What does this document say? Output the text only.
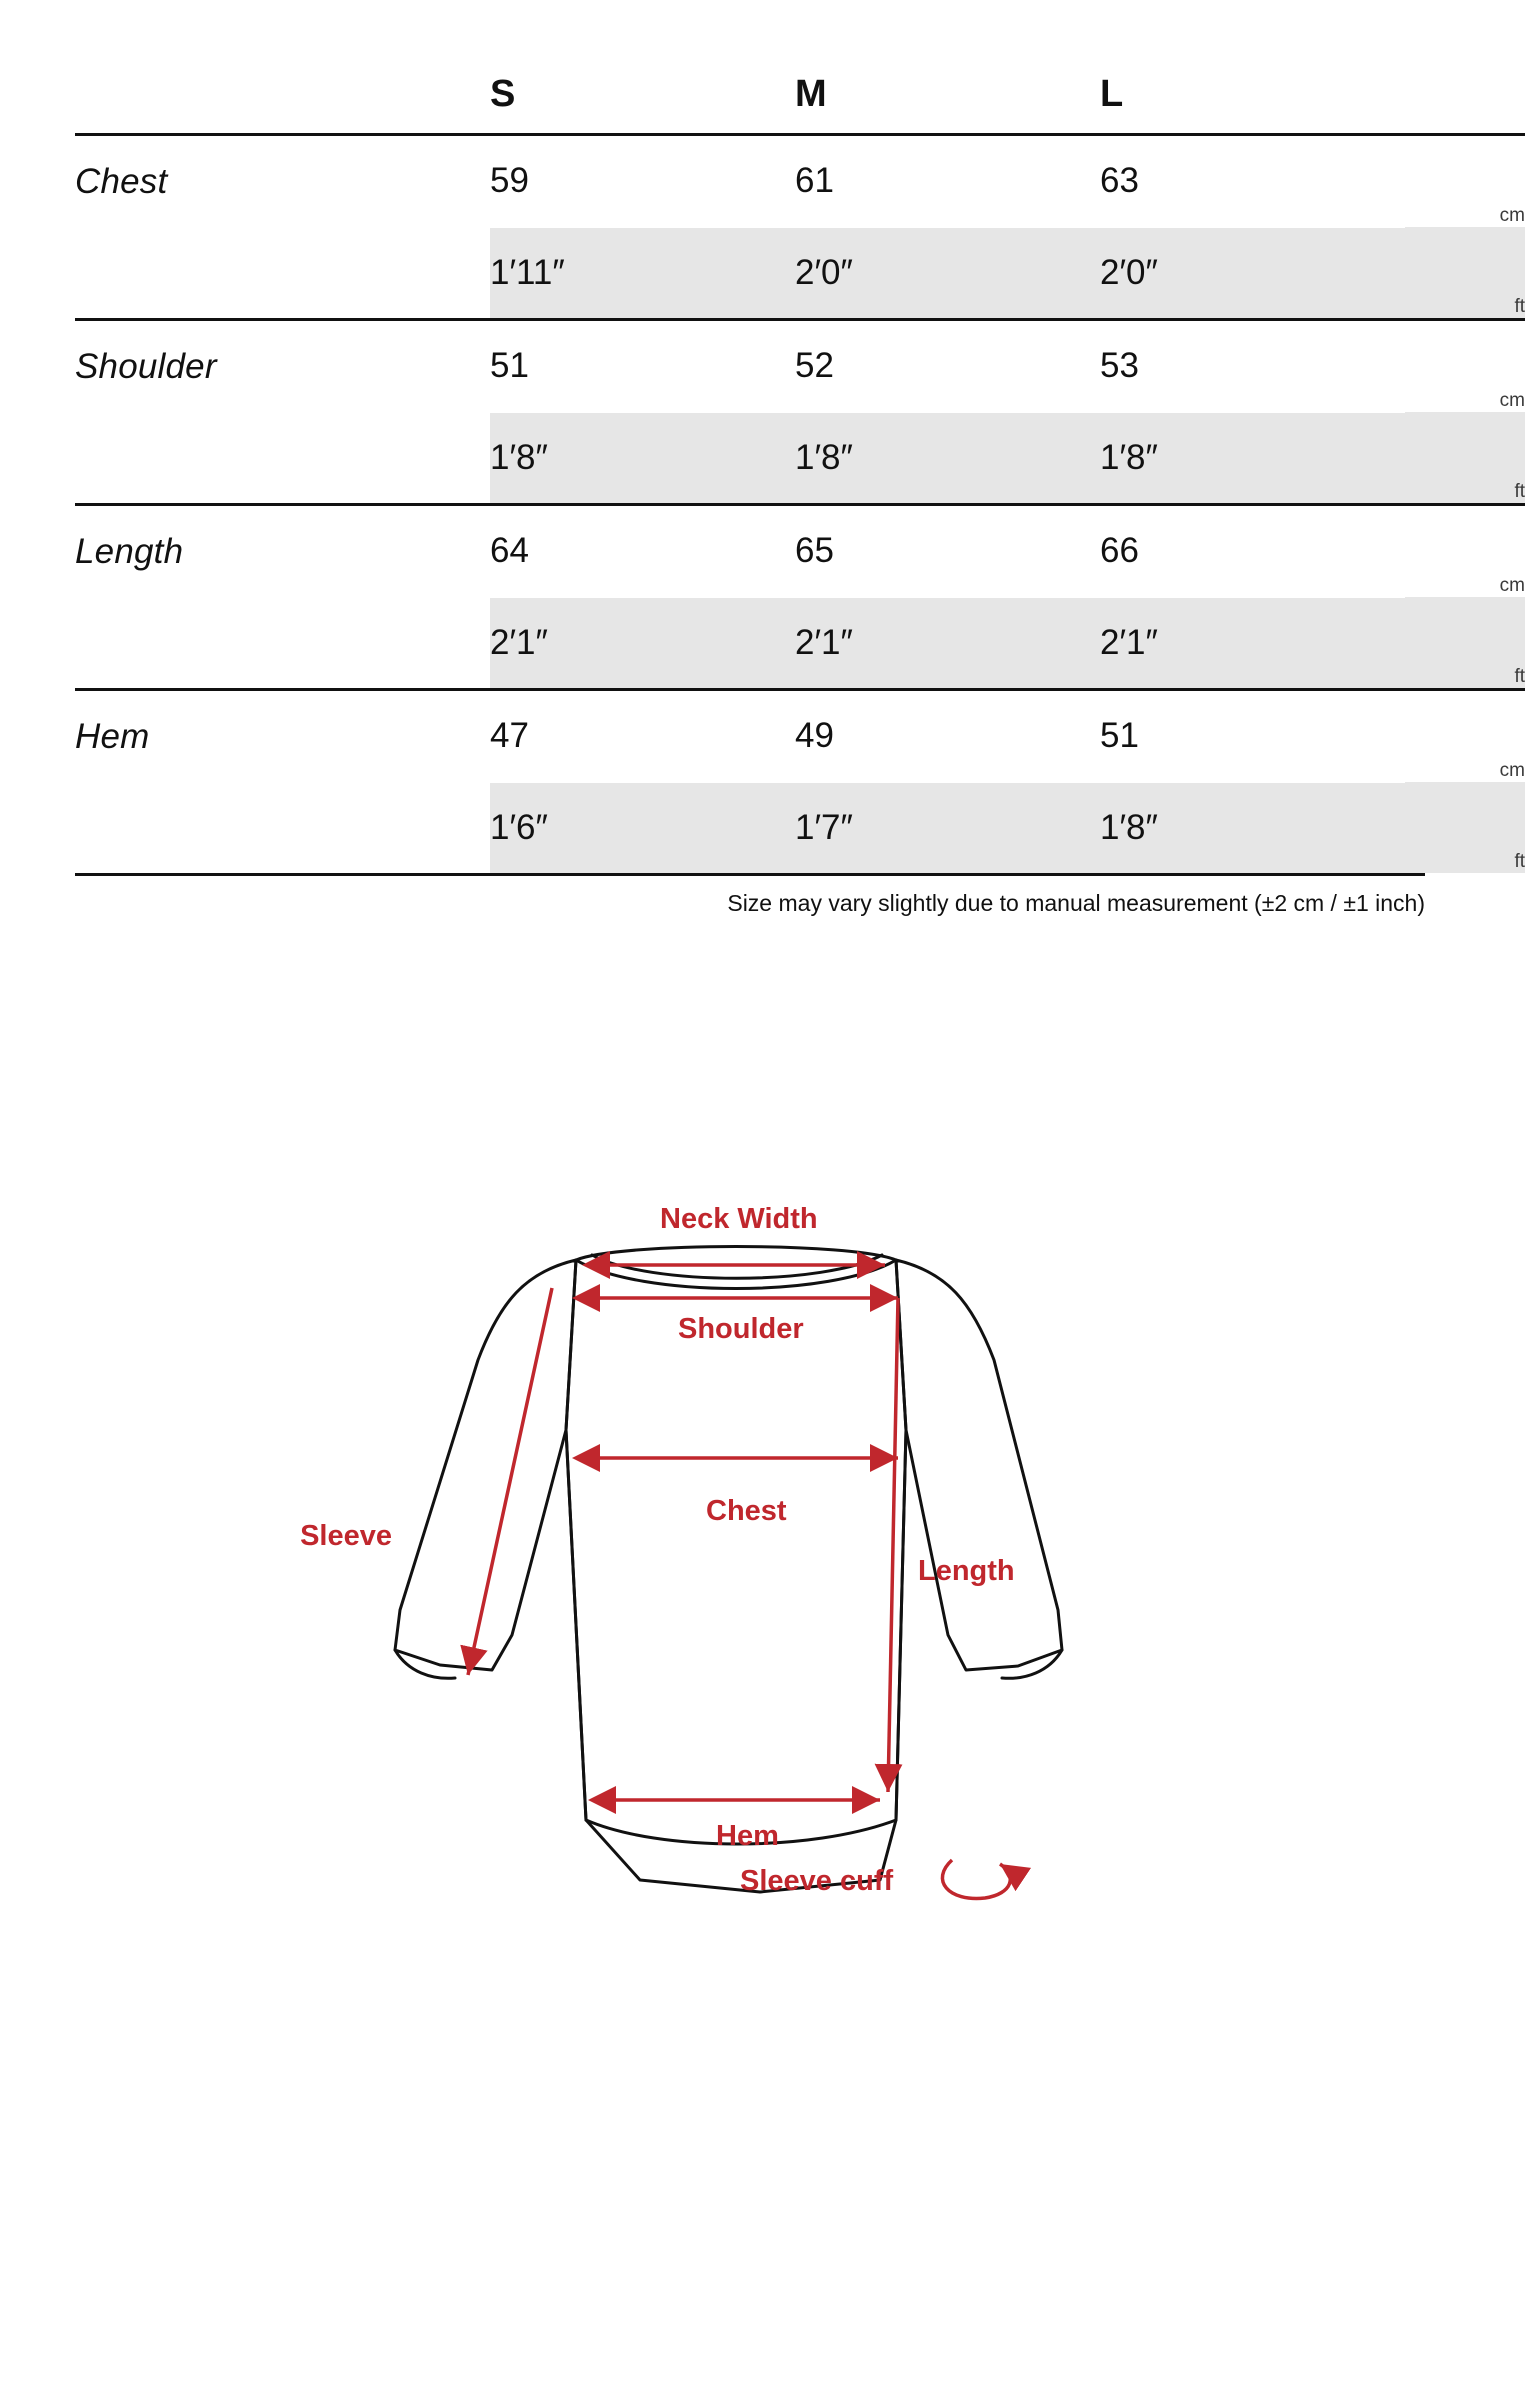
	S	M	L	
Chest	59	61	63	cm
	1′11″	2′0″	2′0″	ft
Shoulder	51	52	53	cm
	1′8″	1′8″	1′8″	ft
Length	64	65	66	cm
	2′1″	2′1″	2′1″	ft
Hem	47	49	51	cm
	1′6″	1′7″	1′8″	ft
Size may vary slightly due to manual measurement (±2 cm / ±1 inch)
Neck Width
Shoulder
Chest
Length
Sleeve
Hem
Sleeve cuff
